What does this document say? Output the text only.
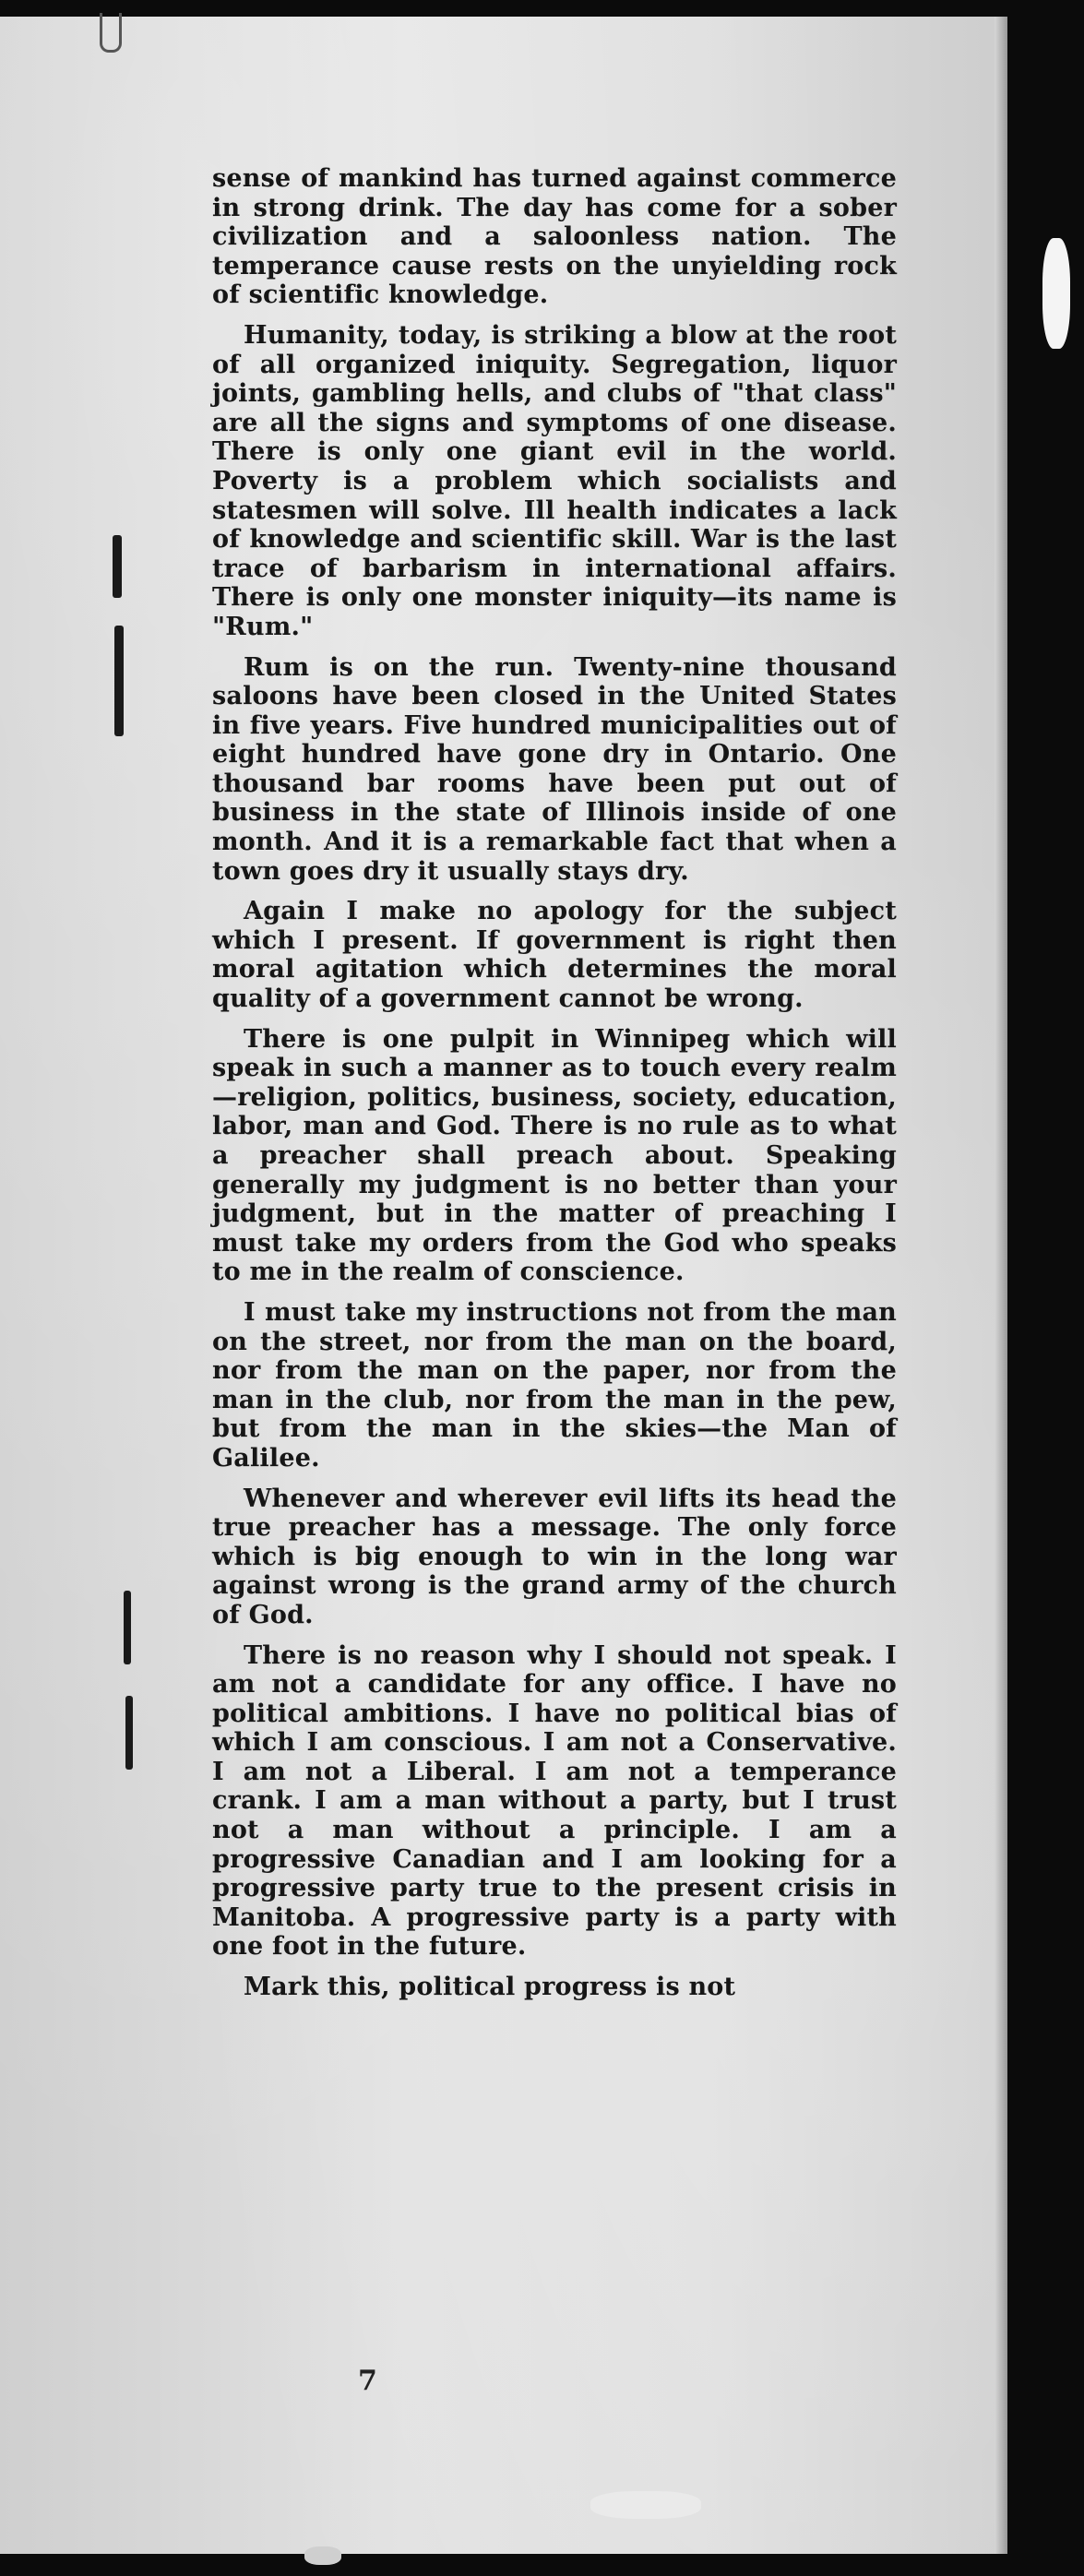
sense of mankind has turned against commerce in strong drink. The day has come for a sober civilization and a saloonless nation. The temperance cause rests on the unyielding rock of scientific knowledge.

Humanity, today, is striking a blow at the root of all organized iniquity. Segregation, liquor joints, gambling hells, and clubs of "that class" are all the signs and symptoms of one disease. There is only one giant evil in the world. Poverty is a problem which socialists and statesmen will solve. Ill health indicates a lack of knowledge and scientific skill. War is the last trace of barbarism in international affairs. There is only one monster iniquity—its name is "Rum."

Rum is on the run. Twenty-nine thousand saloons have been closed in the United States in five years. Five hundred municipalities out of eight hundred have gone dry in Ontario. One thousand bar rooms have been put out of business in the state of Illinois inside of one month. And it is a remarkable fact that when a town goes dry it usually stays dry.

Again I make no apology for the subject which I present. If government is right then moral agitation which determines the moral quality of a government cannot be wrong.

There is one pulpit in Winnipeg which will speak in such a manner as to touch every realm—religion, politics, business, society, education, labor, man and God. There is no rule as to what a preacher shall preach about. Speaking generally my judgment is no better than your judgment, but in the matter of preaching I must take my orders from the God who speaks to me in the realm of conscience.

I must take my instructions not from the man on the street, nor from the man on the board, nor from the man on the paper, nor from the man in the club, nor from the man in the pew, but from the man in the skies—the Man of Galilee.

Whenever and wherever evil lifts its head the true preacher has a message. The only force which is big enough to win in the long war against wrong is the grand army of the church of God.

There is no reason why I should not speak. I am not a candidate for any office. I have no political ambitions. I have no political bias of which I am conscious. I am not a Conservative. I am not a Liberal. I am not a temperance crank. I am a man without a party, but I trust not a man without a principle. I am a progressive Canadian and I am looking for a progressive party true to the present crisis in Manitoba. A progressive party is a party with one foot in the future.

Mark this, political progress is not

7
